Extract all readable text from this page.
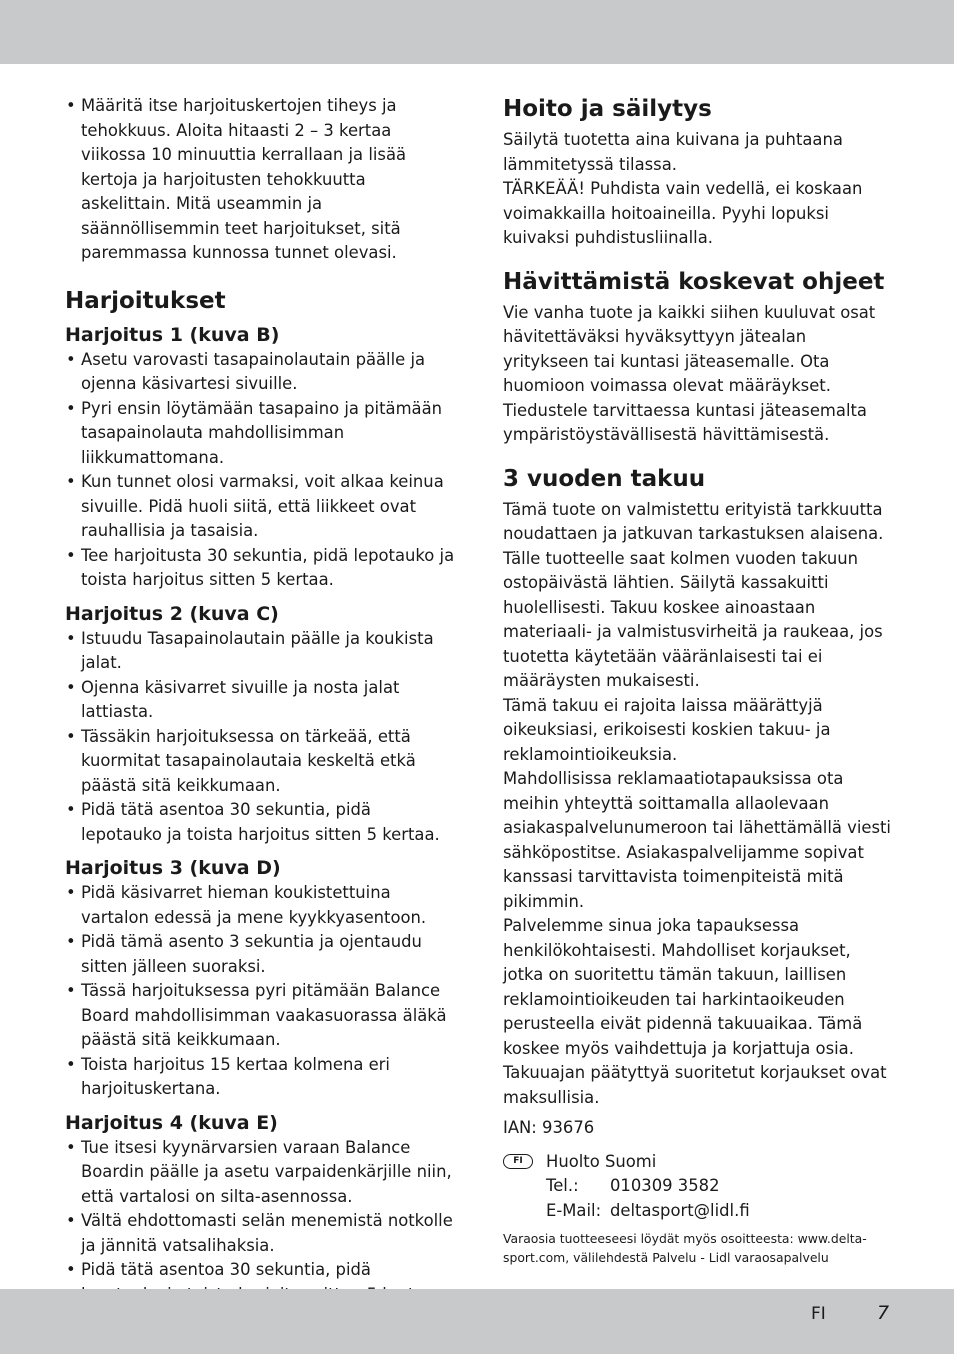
• Määritä itse harjoituskertojen tiheys ja tehokkuus. Aloita hitaasti 2 – 3 kertaa viikossa 10 minuuttia kerrallaan ja lisää kertoja ja harjoitusten tehokkuutta askelittain. Mitä useammin ja säännöllisemmin teet harjoitukset, sitä paremmassa kunnossa tunnet olevasi.
Harjoitukset
Harjoitus 1 (kuva B)
• Asetu varovasti tasapainolautain päälle ja ojenna käsivartesi sivuille.
• Pyri ensin löytämään tasapaino ja pitämään tasapainolauta mahdollisimman liikkumattomana.
• Kun tunnet olosi varmaksi, voit alkaa keinua sivuille. Pidä huoli siitä, että liikkeet ovat rauhallisia ja tasaisia.
• Tee harjoitusta 30 sekuntia, pidä lepotauko ja toista harjoitus sitten 5 kertaa.
Harjoitus 2 (kuva C)
• Istuudu Tasapainolautain päälle ja koukista jalat.
• Ojenna käsivarret sivuille ja nosta jalat lattiasta.
• Tässäkin harjoituksessa on tärkeää, että kuormitat tasapainolautaia keskeltä etkä päästä sitä keikkumaan.
• Pidä tätä asentoa 30 sekuntia, pidä lepotauko ja toista harjoitus sitten 5 kertaa.
Harjoitus 3 (kuva D)
• Pidä käsivarret hieman koukistettuina vartalon edessä ja mene kyykkyasentoon.
• Pidä tämä asento 3 sekuntia ja ojentaudu sitten jälleen suoraksi.
• Tässä harjoituksessa pyri pitämään Balance Board mahdollisimman vaakasuorassa äläkä päästä sitä keikkumaan.
• Toista harjoitus 15 kertaa kolmena eri harjoituskertana.
Harjoitus 4 (kuva E)
• Tue itsesi kyynärvarsien varaan Balance Boardin päälle ja asetu varpaidenkärjille niin, että vartalosi on silta-asennossa.
• Vältä ehdottomasti selän menemistä notkolle ja jännitä vatsalihaksia.
• Pidä tätä asentoa 30 sekuntia, pidä
Hoito ja säilytys

Säilytä tuotetta aina kuivana ja puhtaana lämmitetyssä tilassa.

TÄRKEÄÄ! Puhdista vain vedellä, ei koskaan voimakkailla hoitoaineilla. Pyyhi lopuksi kuivaksi puhdistusliinalla.

Hävittämistä koskevat ohjeet

Vie vanha tuote ja kaikki siihen kuuluvat osat hävitettäväksi hyväksyttyyn jätealan yritykseen tai kuntasi jäteasemalle. Ota huomioon voimassa olevat määräykset. Tiedustele tarvittaessa kuntasi jäteasemalta ympäristöystävällisestä hävittämisestä.

3 vuoden takuu

Tämä tuote on valmistettu erityistä tarkkuutta noudattaen ja jatkuvan tarkastuksen alaisena. Tälle tuotteelle saat kolmen vuoden takuun ostopäivästä lähtien. Säilytä kassakuitti huolellisesti. Takuu koskee ainoastaan materiaali- ja valmistusvirheitä ja raukeaa, jos tuotetta käytetään vääränlaisesti tai ei määräysten mukaisesti.

Tämä takuu ei rajoita laissa määrättyjä oikeuksiasi, erikoisesti koskien takuu- ja reklamointioikeuksia.

Mahdollisissa reklamaatiotapauksissa ota meihin yhteyttä soittamalla allaolevaan asiakaspalvelunumeroon tai lähettämällä viesti sähköpostitse. Asiakaspalvelijamme sopivat kanssasi tarvittavista toimenpiteistä mitä pikimmin.

Palvelemme sinua joka tapauksessa henkilökohtaisesti. Mahdolliset korjaukset, jotka on suoritettu tämän takuun, laillisen reklamointioikeuden tai harkintaoikeuden perusteella eivät pidennä takuuaikaa. Tämä koskee myös vaihdettuja ja korjattuja osia. Takuuajan päätyttyä suoritetut korjaukset ovat maksullisia.

IAN: 93676

FI	Huolto Suomi
Tel.:	010309 3582
E-Mail: deltasport@lidl.fi

Varaosia tuotteeseesi löydät myös osoitteesta: www.delta-sport.com, välilehdestä Palvelu - Lidl varaosapalvelu

FI	7
